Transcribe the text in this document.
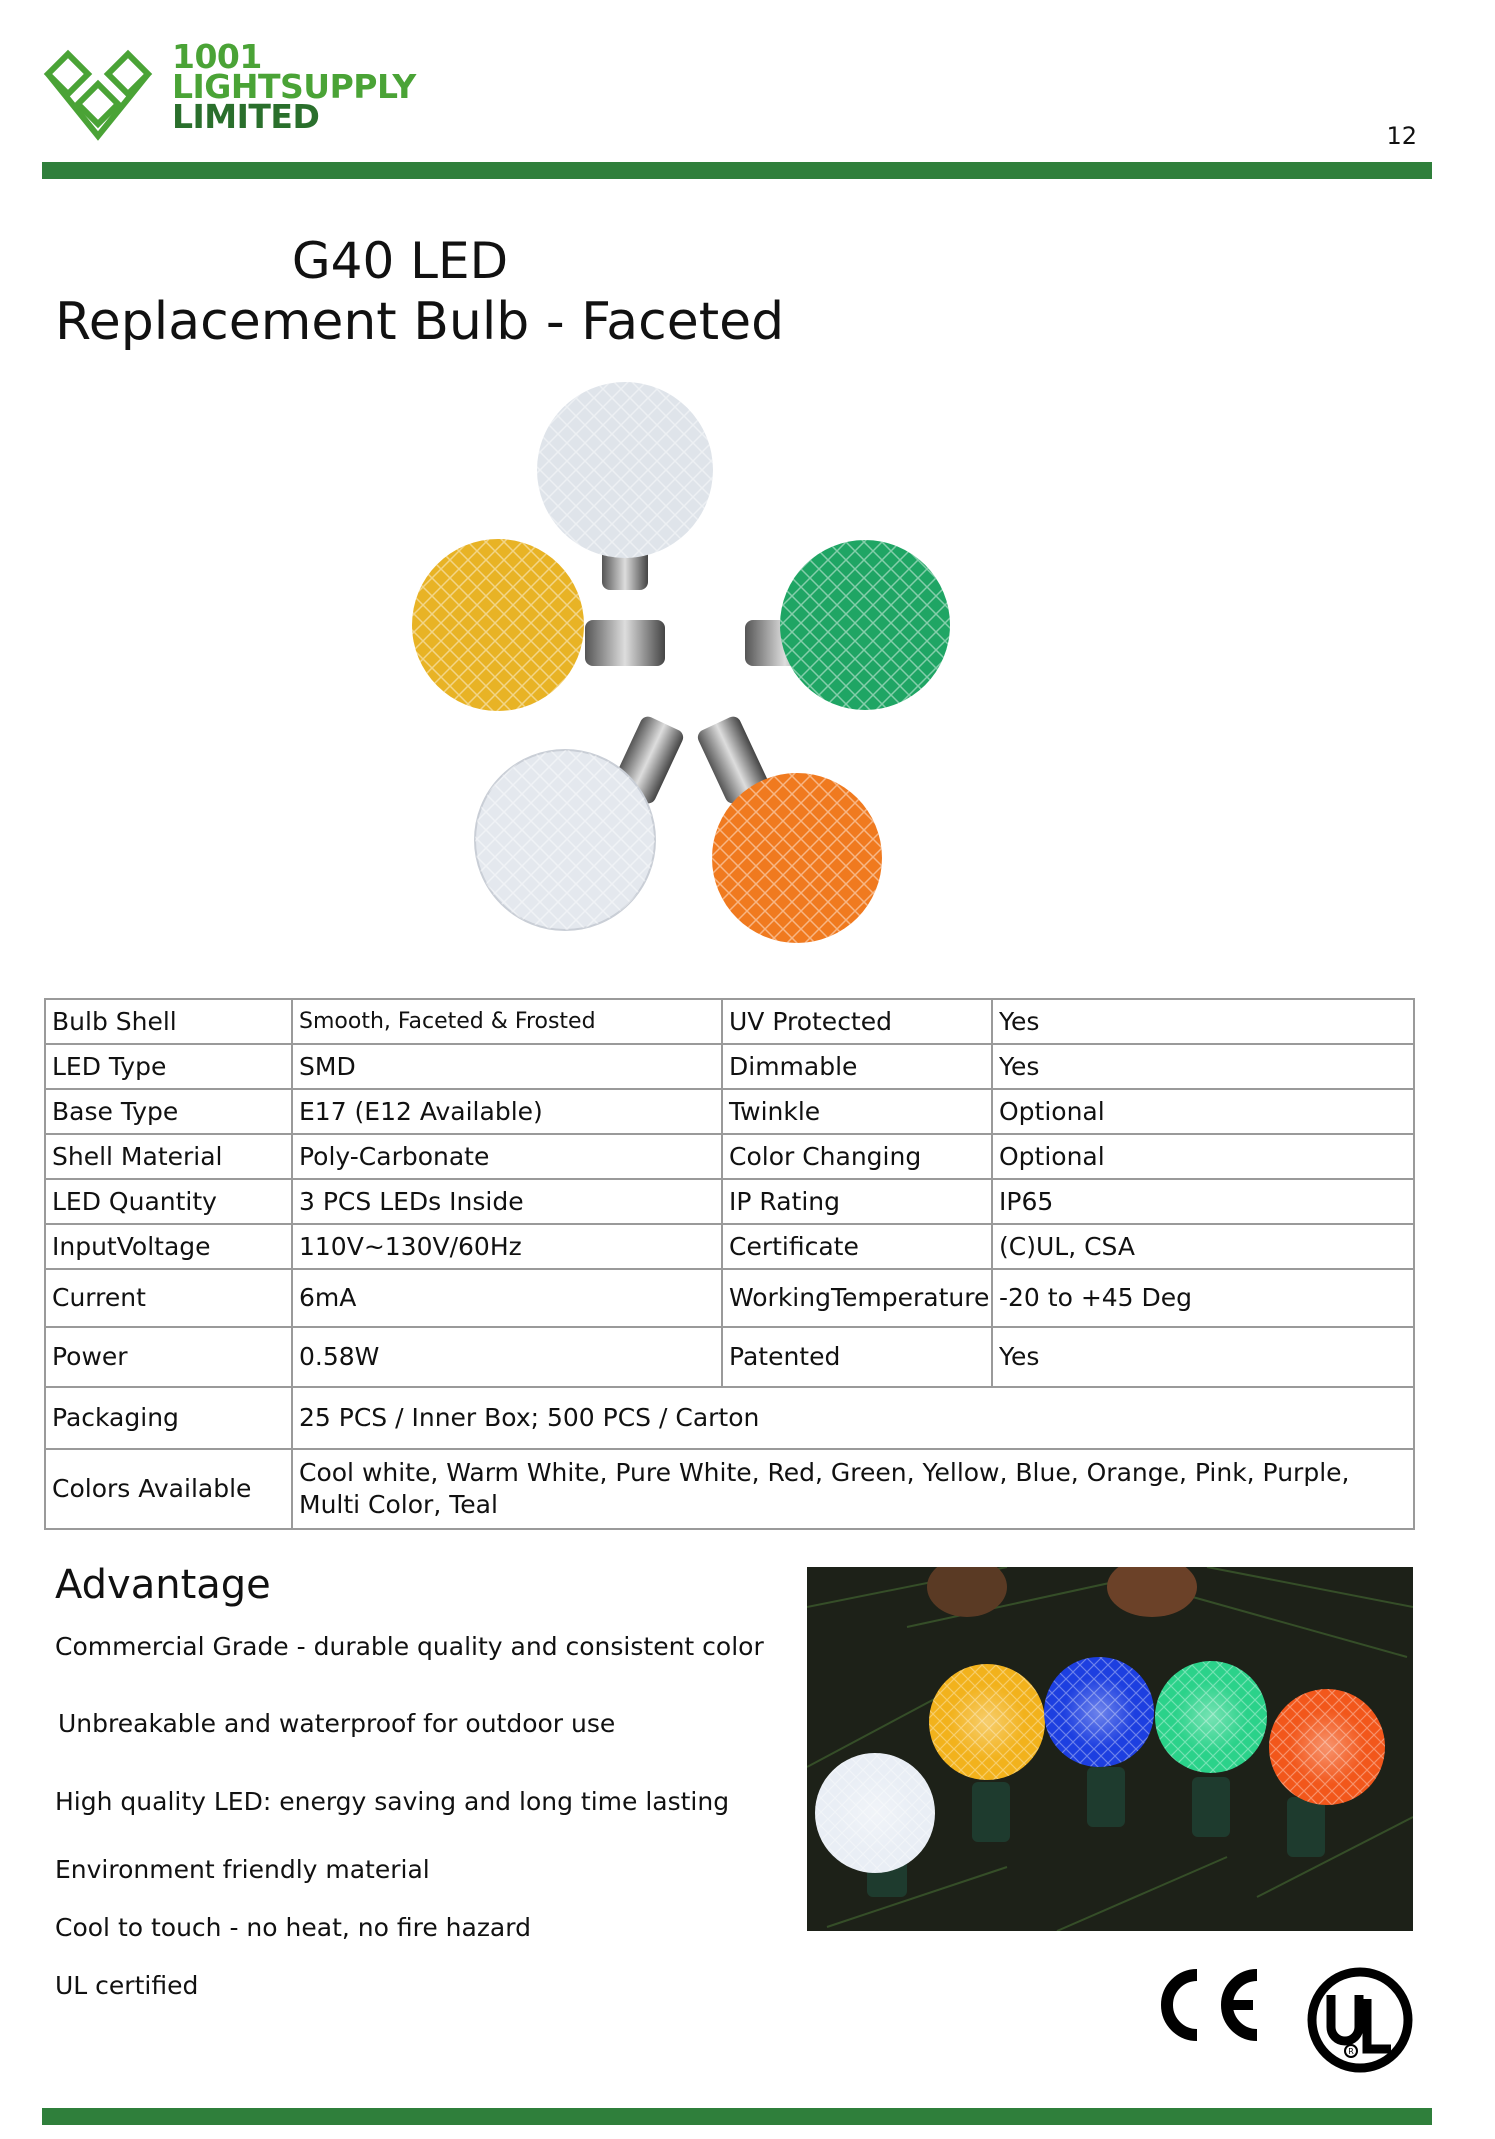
1001
LIGHTSUPPLY
LIMITED	12
G40 LED
Replacement Bulb - Faceted
Bulb Shell	Smooth, Faceted & Frosted	UV Protected	Yes
LED Type	SMD	Dimmable	Yes
Base Type	E17 (E12 Available)	Twinkle	Optional
Shell Material	Poly-Carbonate	Color Changing	Optional
LED Quantity	3 PCS LEDs Inside	IP Rating	IP65
InputVoltage	110V~130V/60Hz	Certificate	(C)UL, CSA
Current	6mA	WorkingTemperature	-20 to +45 Deg
Power	0.58W	Patented	Yes
Packaging	25 PCS / Inner Box; 500 PCS / Carton		
Colors Available	Cool white, Warm White, Pure White, Red, Green, Yellow, Blue, Orange, Pink, Purple, Multi Color, Teal		
Advantage
Commercial Grade - durable quality and consistent color
Unbreakable and waterproof for outdoor use
High quality LED: energy saving and long time lasting
Environment friendly material
Cool to touch - no heat, no fire hazard
UL certified
R
